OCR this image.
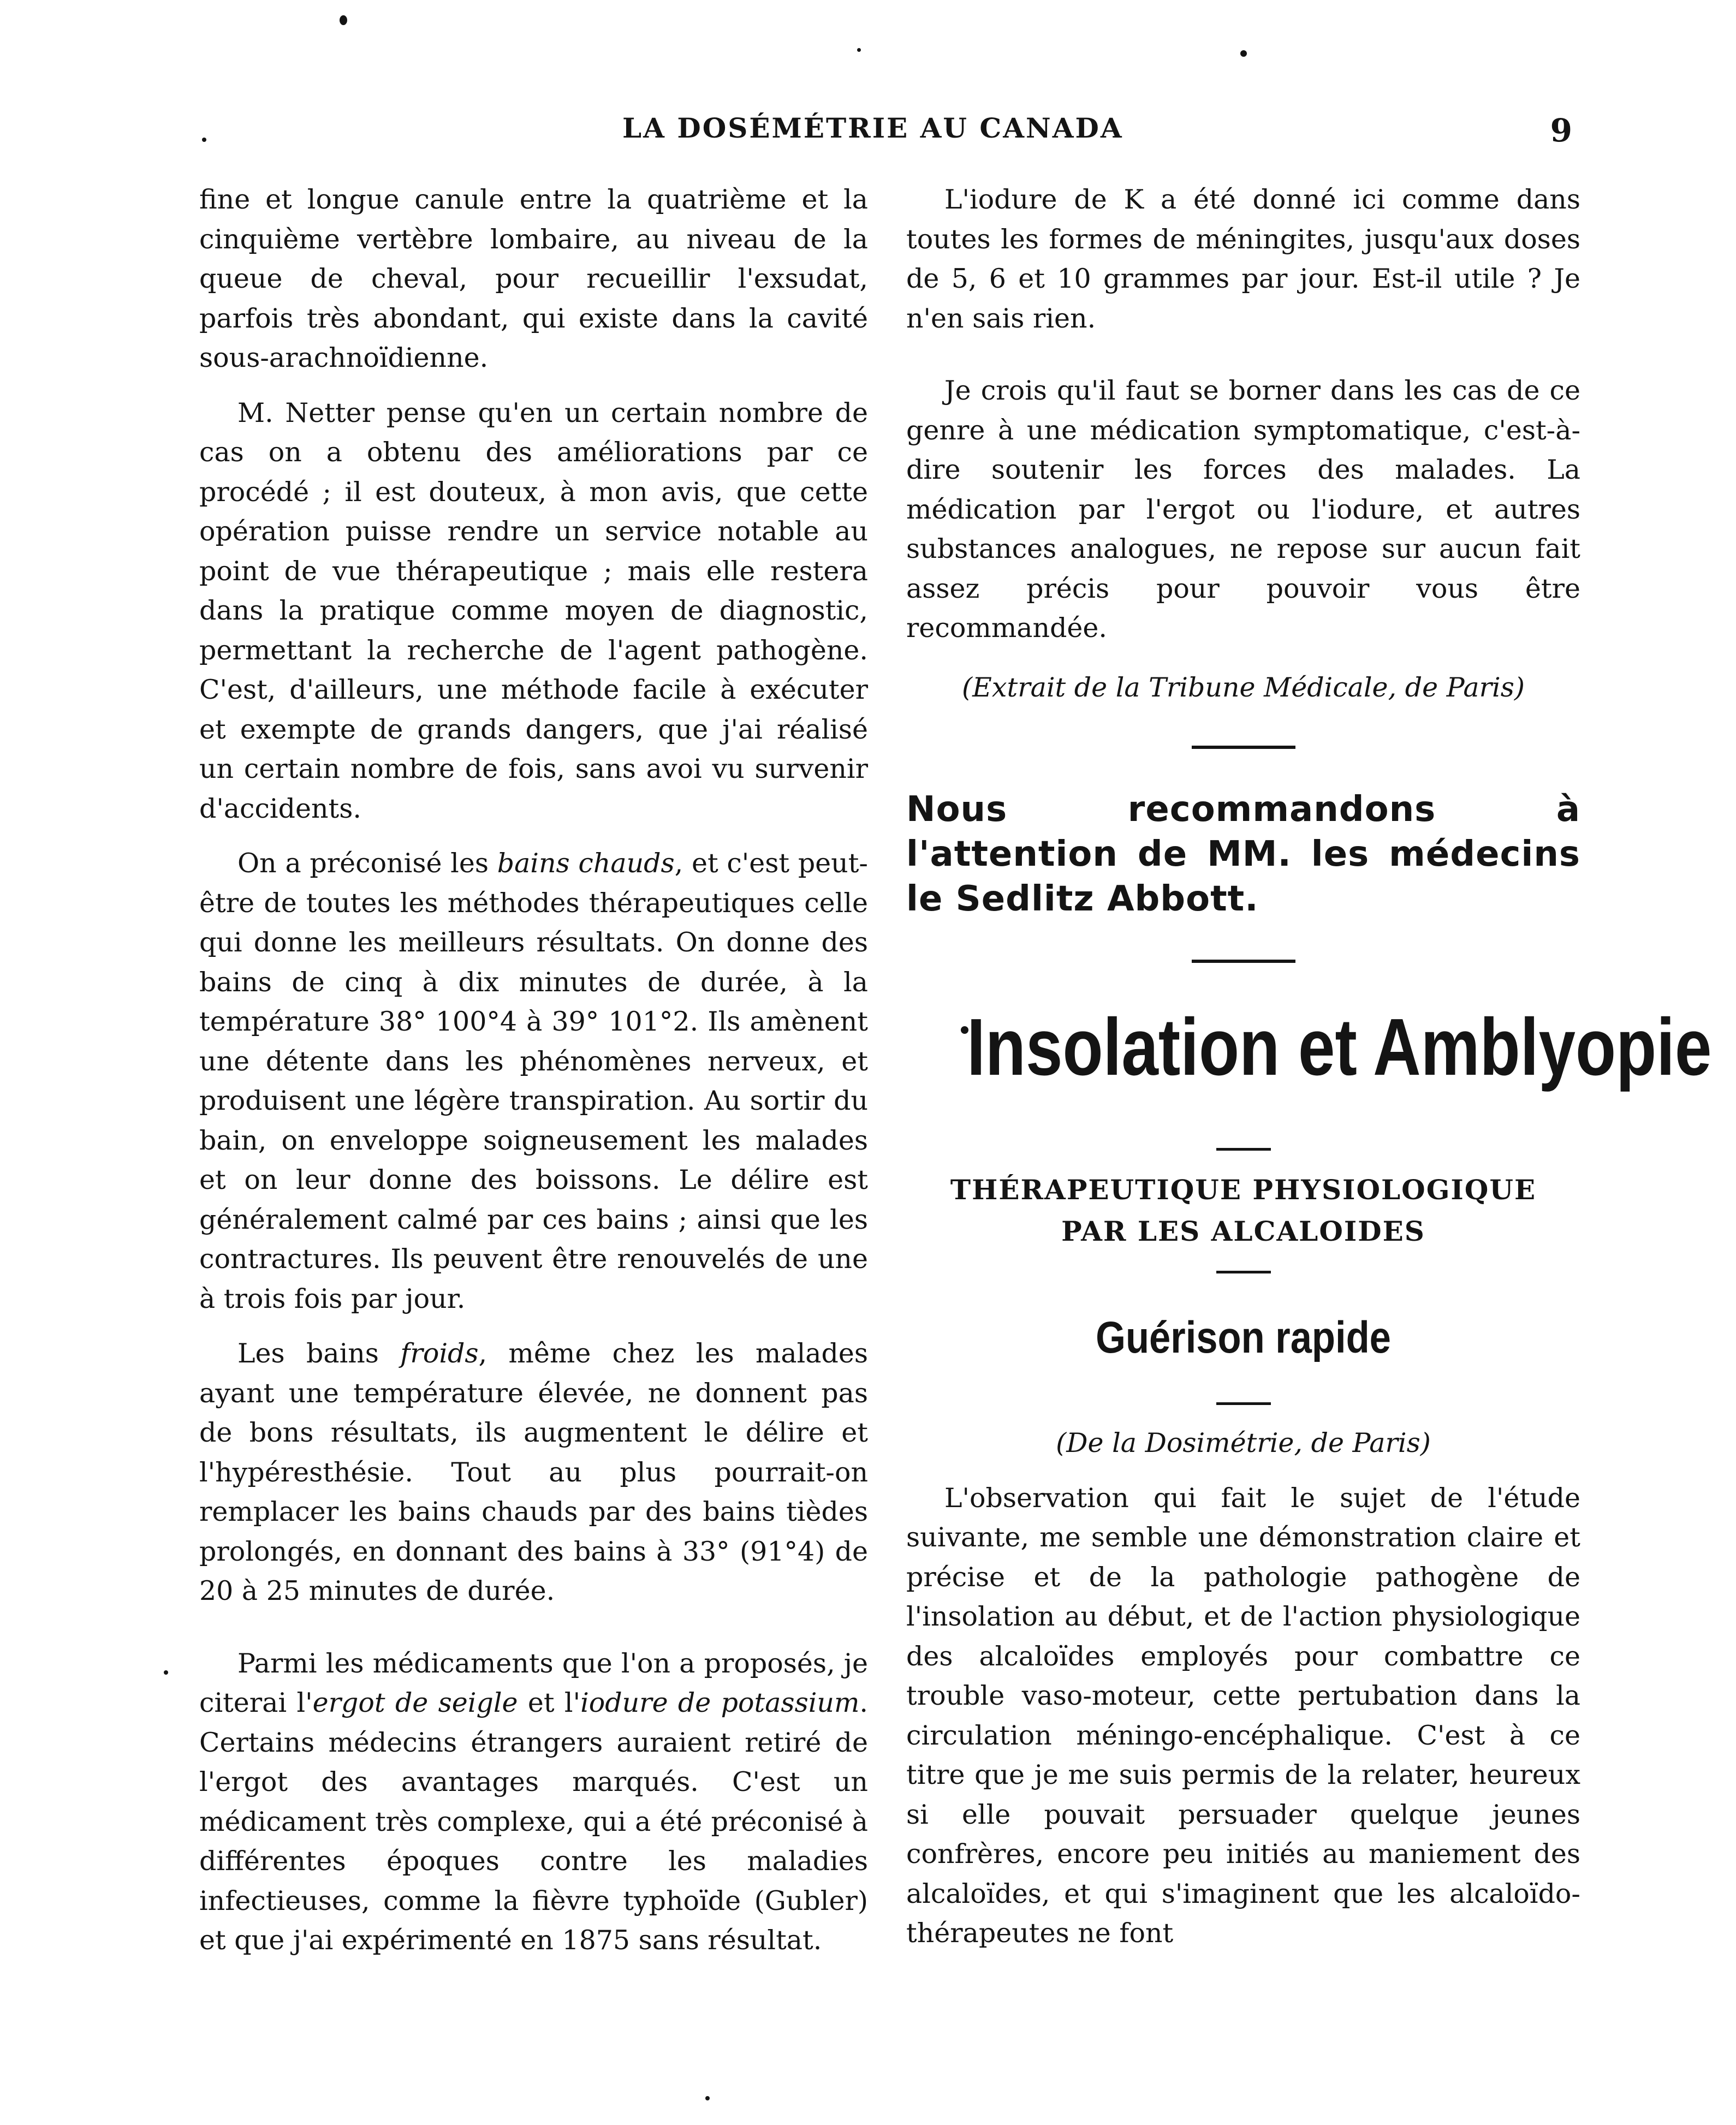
LA DOSÉMÉTRIE AU CANADA	9

fine et longue canule entre la quatrième et la cinquième vertèbre lombaire, au niveau de la queue de cheval, pour recueillir l'exsudat, parfois très abondant, qui existe dans la cavité sous-arachnoïdienne.

M. Netter pense qu'en un certain nombre de cas on a obtenu des améliorations par ce procédé ; il est douteux, à mon avis, que cette opération puisse rendre un service notable au point de vue thérapeutique ; mais elle restera dans la pratique comme moyen de diagnostic, permettant la recherche de l'agent pathogène. C'est, d'ailleurs, une méthode facile à exécuter et exempte de grands dangers, que j'ai réalisé un certain nombre de fois, sans avoi vu survenir d'accidents.

On a préconisé les bains chauds, et c'est peut-être de toutes les méthodes thérapeutiques celle qui donne les meilleurs résultats. On donne des bains de cinq à dix minutes de durée, à la température 38° 100°4 à 39° 101°2. Ils amènent une détente dans les phénomènes nerveux, et produisent une légère transpiration. Au sortir du bain, on enveloppe soigneusement les malades et on leur donne des boissons. Le délire est généralement calmé par ces bains ; ainsi que les contractures. Ils peuvent être renouvelés de une à trois fois par jour.

Les bains froids, même chez les malades ayant une température élevée, ne donnent pas de bons résultats, ils augmentent le délire et l'hypéresthésie. Tout au plus pourrait-on remplacer les bains chauds par des bains tièdes prolongés, en donnant des bains à 33° (91°4) de 20 à 25 minutes de durée.

Parmi les médicaments que l'on a proposés, je citerai l'ergot de seigle et l'iodure de potassium. Certains médecins étrangers auraient retiré de l'ergot des avantages marqués. C'est un médicament très complexe, qui a été préconisé à différentes époques contre les maladies infectieuses, comme la fièvre typhoïde (Gubler) et que j'ai expérimenté en 1875 sans résultat.

L'iodure de K a été donné ici comme dans toutes les formes de méningites, jusqu'aux doses de 5, 6 et 10 grammes par jour. Est-il utile ? Je n'en sais rien.

Je crois qu'il faut se borner dans les cas de ce genre à une médication symptomatique, c'est-à-dire soutenir les forces des malades. La médication par l'ergot ou l'iodure, et autres substances analogues, ne repose sur aucun fait assez précis pour pouvoir vous être recommandée.

(Extrait de la Tribune Médicale, de Paris)

Nous recommandons à l'attention de MM. les médecins le Sedlitz Abbott.

Insolation et Amblyopie

THÉRAPEUTIQUE PHYSIOLOGIQUE
PAR LES ALCALOIDES

Guérison rapide

(De la Dosimétrie, de Paris)

L'observation qui fait le sujet de l'étude suivante, me semble une démonstration claire et précise et de la pathologie pathogène de l'insolation au début, et de l'action physiologique des alcaloïdes employés pour combattre ce trouble vaso-moteur, cette pertubation dans la circulation méningo-encéphalique. C'est à ce titre que je me suis permis de la relater, heureux si elle pouvait persuader quelque jeunes confrères, encore peu initiés au maniement des alcaloïdes, et qui s'imaginent que les alcaloïdo-thérapeutes ne font
